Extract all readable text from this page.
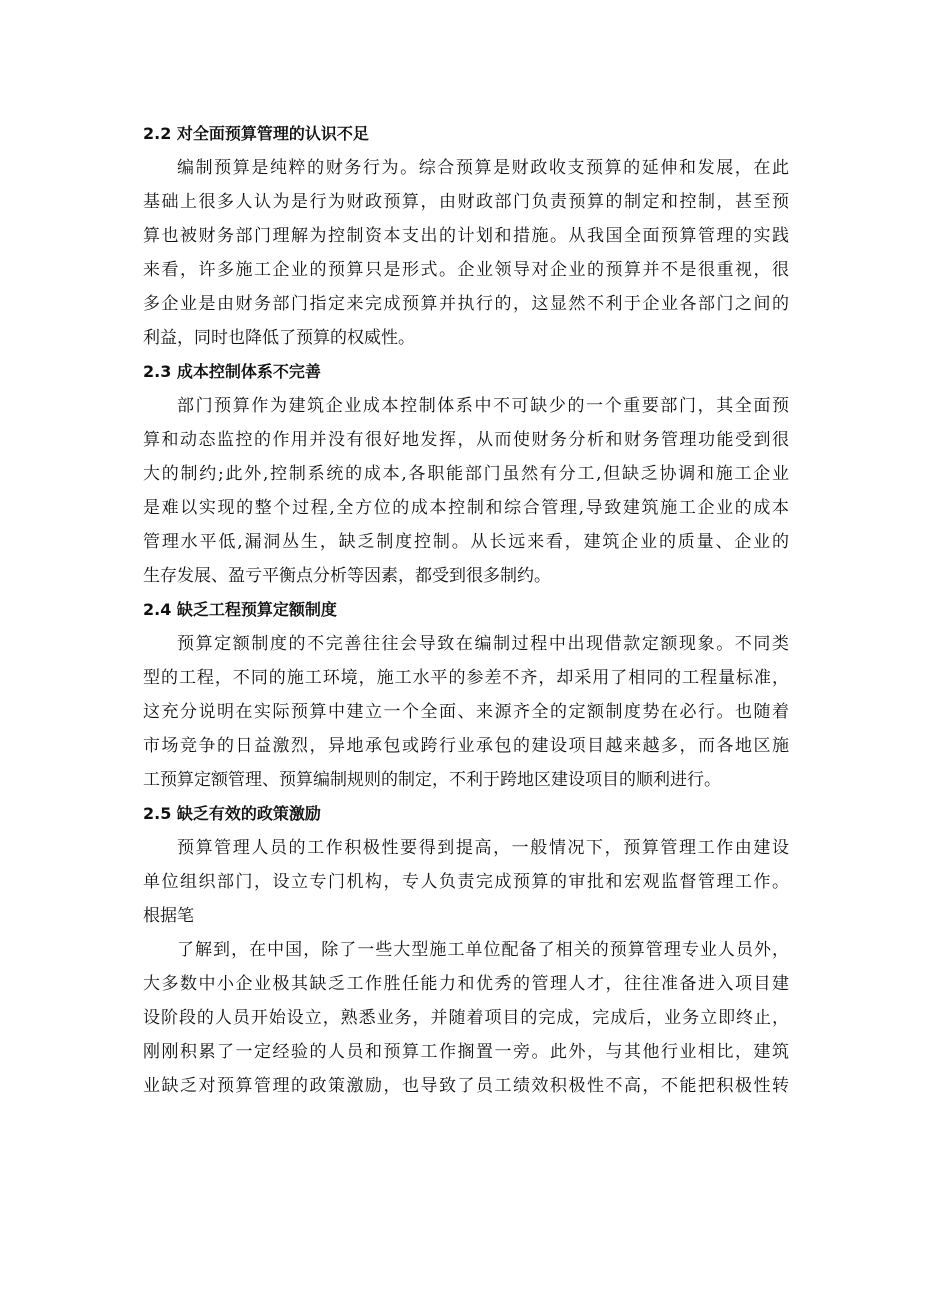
2.2 对全面预算管理的认识不足
编制预算是纯粹的财务行为。综合预算是财政收支预算的延伸和发展，在此
基础上很多人认为是行为财政预算，由财政部门负责预算的制定和控制，甚至预
算也被财务部门理解为控制资本支出的计划和措施。从我国全面预算管理的实践
来看，许多施工企业的预算只是形式。企业领导对企业的预算并不是很重视，很
多企业是由财务部门指定来完成预算并执行的，这显然不利于企业各部门之间的
利益，同时也降低了预算的权威性。
2.3 成本控制体系不完善
部门预算作为建筑企业成本控制体系中不可缺少的一个重要部门，其全面预
算和动态监控的作用并没有很好地发挥，从而使财务分析和财务管理功能受到很
大的制约;此外,控制系统的成本,各职能部门虽然有分工,但缺乏协调和施工企业
是难以实现的整个过程,全方位的成本控制和综合管理,导致建筑施工企业的成本
管理水平低,漏洞丛生，缺乏制度控制。从长远来看，建筑企业的质量、企业的
生存发展、盈亏平衡点分析等因素，都受到很多制约。
2.4 缺乏工程预算定额制度
预算定额制度的不完善往往会导致在编制过程中出现借款定额现象。不同类
型的工程，不同的施工环境，施工水平的参差不齐，却采用了相同的工程量标准，
这充分说明在实际预算中建立一个全面、来源齐全的定额制度势在必行。也随着
市场竞争的日益激烈，异地承包或跨行业承包的建设项目越来越多，而各地区施
工预算定额管理、预算编制规则的制定，不利于跨地区建设项目的顺利进行。
2.5 缺乏有效的政策激励
预算管理人员的工作积极性要得到提高，一般情况下，预算管理工作由建设
单位组织部门，设立专门机构，专人负责完成预算的审批和宏观监督管理工作。
根据笔
了解到，在中国，除了一些大型施工单位配备了相关的预算管理专业人员外，
大多数中小企业极其缺乏工作胜任能力和优秀的管理人才，往往准备进入项目建
设阶段的人员开始设立，熟悉业务，并随着项目的完成，完成后，业务立即终止，
刚刚积累了一定经验的人员和预算工作搁置一旁。此外，与其他行业相比，建筑
业缺乏对预算管理的政策激励，也导致了员工绩效积极性不高，不能把积极性转
